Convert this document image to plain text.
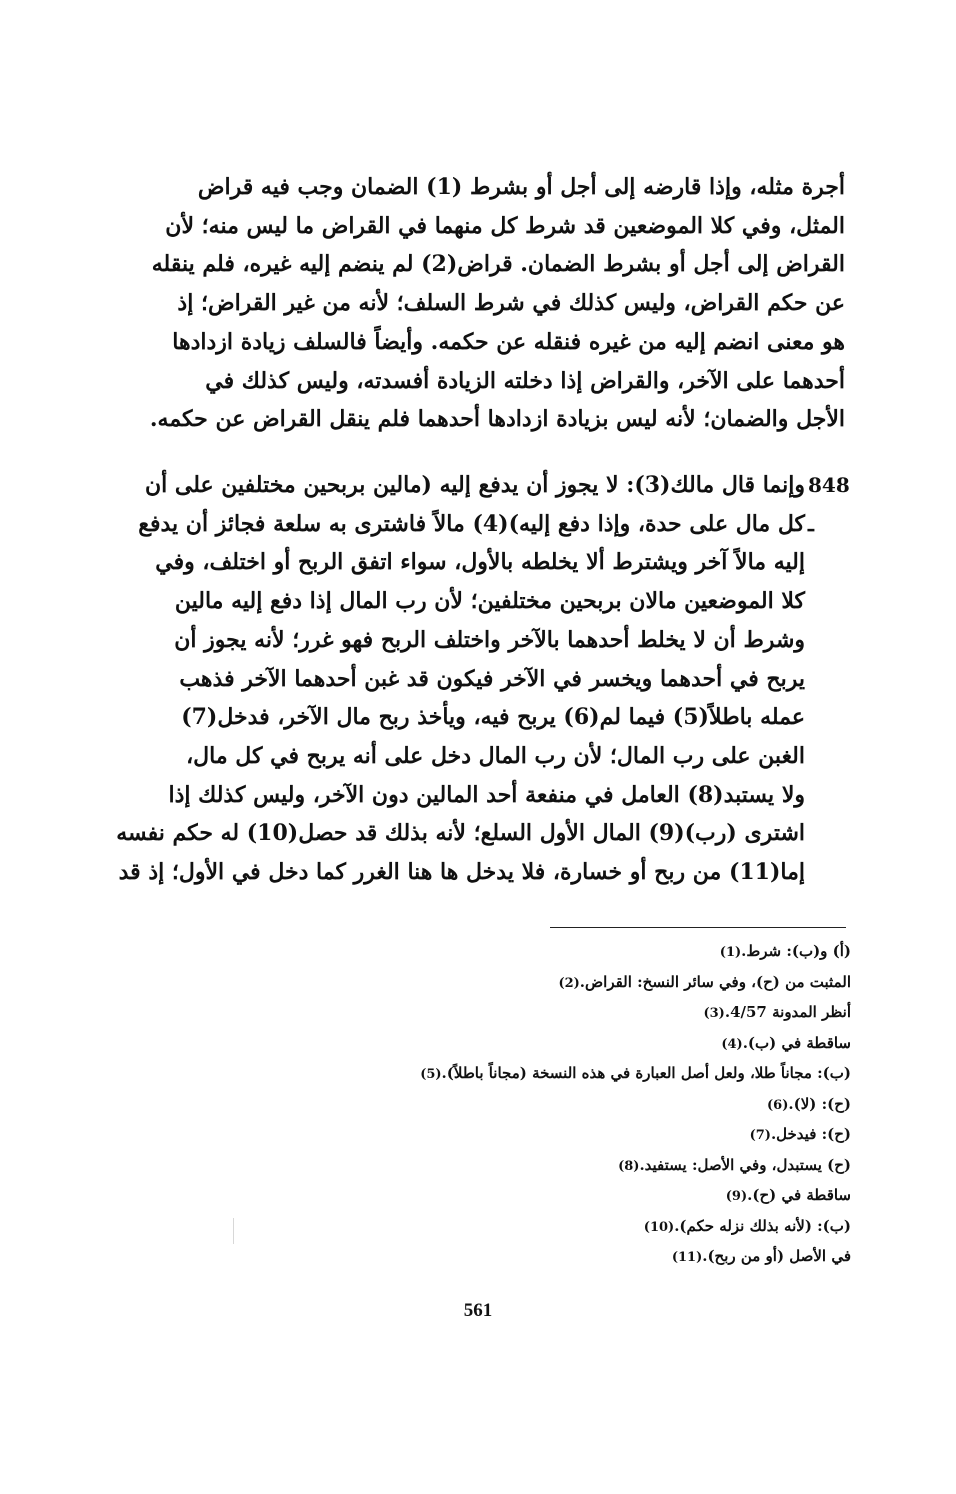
أجرة مثله، وإذا قارضه إلى أجل أو بشرط (1) الضمان وجب فيه قراض
المثل، وفي كلا الموضعين قد شرط كل منهما في القراض ما ليس منه؛ لأن
القراض إلى أجل أو بشرط الضمان. قراض(2) لم ينضم إليه غيره، فلم ينقله
عن حكم القراض، وليس كذلك في شرط السلف؛ لأنه من غير القراض؛ إذ
هو معنى انضم إليه من غيره فنقله عن حكمه. وأيضاً فالسلف زيادة ازدادها
أحدهما على الآخر، والقراض إذا دخلته الزيادة أفسدته، وليس كذلك في
الأجل والضمان؛ لأنه ليس بزيادة ازدادها أحدهما فلم ينقل القراض عن حكمه.
848 ـ
وإنما قال مالك(3): لا يجوز أن يدفع إليه (مالين بربحين مختلفين على أن
كل مال على حدة، وإذا دفع إليه)(4) مالاً فاشترى به سلعة فجائز أن يدفع
إليه مالاً آخر ويشترط ألا يخلطه بالأول، سواء اتفق الربح أو اختلف، وفي
كلا الموضعين مالان بربحين مختلفين؛ لأن رب المال إذا دفع إليه مالين
وشرط أن لا يخلط أحدهما بالآخر واختلف الربح فهو غرر؛ لأنه يجوز أن
يربح في أحدهما ويخسر في الآخر فيكون قد غبن أحدهما الآخر فذهب
عمله باطلاً(5) فيما لم(6) يربح فيه، ويأخذ ربح مال الآخر، فدخل(7)
الغبن على رب المال؛ لأن رب المال دخل على أنه يربح في كل مال،
ولا يستبد(8) العامل في منفعة أحد المالين دون الآخر، وليس كذلك إذا
اشترى (رب)(9) المال الأول السلع؛ لأنه بذلك قد حصل(10) له حكم نفسه
إما(11) من ربح أو خسارة، فلا يدخل ها هنا الغرر كما دخل في الأول؛ إذ قد
(أ) و(ب): شرط.
(1)
المثبت من (ح)، وفي سائر النسخ: القراض.
(2)
أنظر المدونة 4/57.
(3)
ساقطة في (ب).
(4)
(ب): مجاناً طلا، ولعل أصل العبارة في هذه النسخة (مجاناً باطلاً).
(5)
(ح): (لا).
(6)
(ح): فيدخل.
(7)
(ح) يستبدل، وفي الأصل: يستفيد.
(8)
ساقطة في (ح).
(9)
(ب): (لأنه بذلك نزله حكم).
(10)
في الأصل (أو من ربح).
(11)
561
